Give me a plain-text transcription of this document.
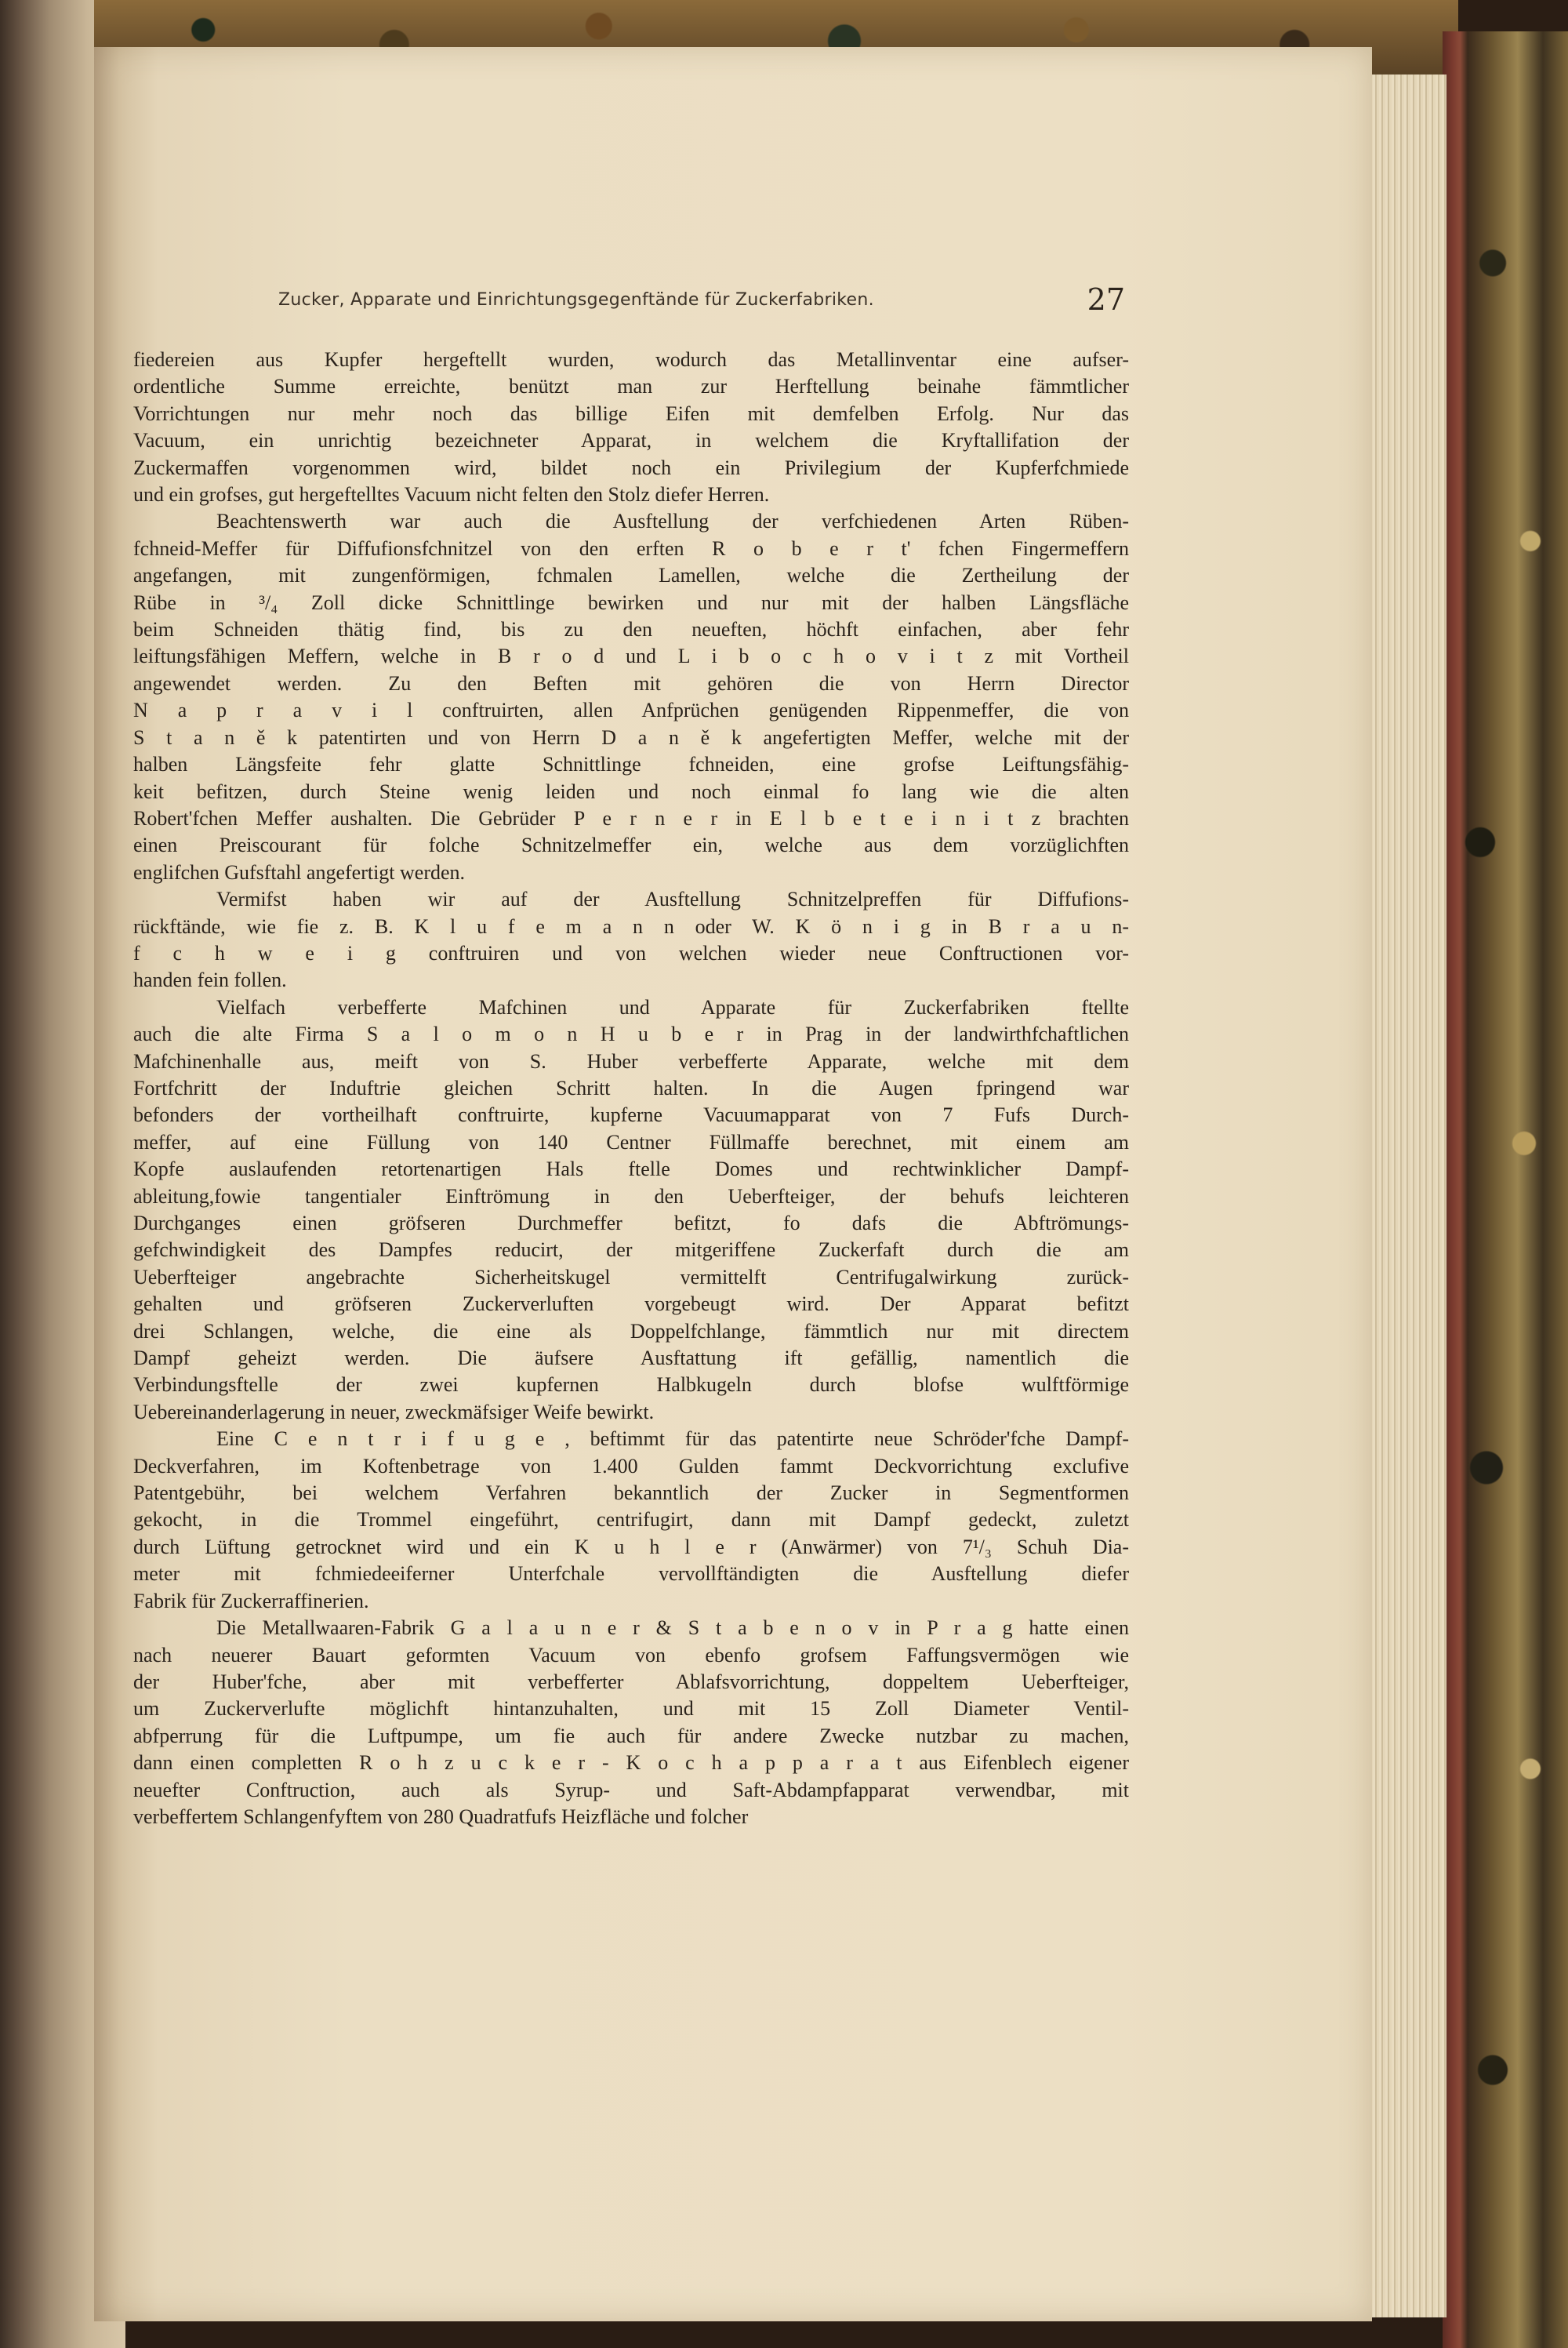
Zucker, Apparate und Einrichtungsgegenftände für Zuckerfabriken.	27
fiedereien aus Kupfer hergeftellt wurden, wodurch das Metallinventar eine aufser-
ordentliche Summe erreichte, benützt man zur Herftellung beinahe fämmtlicher
Vorrichtungen nur mehr noch das billige Eifen mit demfelben Erfolg. Nur das
Vacuum, ein unrichtig bezeichneter Apparat, in welchem die Kryftallifation der
Zuckermaffen vorgenommen wird, bildet noch ein Privilegium der Kupferfchmiede
und ein grofses, gut hergeftelltes Vacuum nicht felten den Stolz diefer Herren.
Beachtenswerth war auch die Ausftellung der verfchiedenen Arten Rüben-
fchneid-Meffer für Diffufionsfchnitzel von den erften R o b e r t' fchen Fingermeffern
angefangen, mit zungenförmigen, fchmalen Lamellen, welche die Zertheilung der
Rübe in ³/₄ Zoll dicke Schnittlinge bewirken und nur mit der halben Längsfläche
beim Schneiden thätig find, bis zu den neueften, höchft einfachen, aber fehr
leiftungsfähigen Meffern, welche in B r o d und L i b o c h o v i t z mit Vortheil
angewendet werden. Zu den Beften mit gehören die von Herrn Director
N a p r a v i l conftruirten, allen Anfprüchen genügenden Rippenmeffer, die von
S t a n ě k patentirten und von Herrn D a n ě k angefertigten Meffer, welche mit der
halben Längsfeite fehr glatte Schnittlinge fchneiden, eine grofse Leiftungsfähig-
keit befitzen, durch Steine wenig leiden und noch einmal fo lang wie die alten
Robert'fchen Meffer aushalten. Die Gebrüder P e r n e r in E l b e t e i n i t z brachten
einen Preiscourant für folche Schnitzelmeffer ein, welche aus dem vorzüglichften
englifchen Gufsftahl angefertigt werden.
Vermifst haben wir auf der Ausftellung Schnitzelpreffen für Diffufions-
rückftände, wie fie z. B. K l u f e m a n n oder W. K ö n i g in B r a u n-
f c h w e i g conftruiren und von welchen wieder neue Conftructionen vor-
handen fein follen.
Vielfach verbefferte Mafchinen und Apparate für Zuckerfabriken ftellte
auch die alte Firma S a l o m o n H u b e r in Prag in der landwirthfchaftlichen
Mafchinenhalle aus, meift von S. Huber verbefferte Apparate, welche mit dem
Fortfchritt der Induftrie gleichen Schritt halten. In die Augen fpringend war
befonders der vortheilhaft conftruirte, kupferne Vacuumapparat von 7 Fufs Durch-
meffer, auf eine Füllung von 140 Centner Füllmaffe berechnet, mit einem am
Kopfe auslaufenden retortenartigen Hals ftelle Domes und rechtwinklicher Dampf-
ableitung,fowie tangentialer Einftrömung in den Ueberfteiger, der behufs leichteren
Durchganges einen gröfseren Durchmeffer befitzt, fo dafs die Abftrömungs-
gefchwindigkeit des Dampfes reducirt, der mitgeriffene Zuckerfaft durch die am
Ueberfteiger angebrachte Sicherheitskugel vermittelft Centrifugalwirkung zurück-
gehalten und gröfseren Zuckerverluften vorgebeugt wird. Der Apparat befitzt
drei Schlangen, welche, die eine als Doppelfchlange, fämmtlich nur mit directem
Dampf geheizt werden. Die äufsere Ausftattung ift gefällig, namentlich die
Verbindungsftelle der zwei kupfernen Halbkugeln durch blofse wulftförmige
Uebereinanderlagerung in neuer, zweckmäfsiger Weife bewirkt.
Eine C e n t r i f u g e , beftimmt für das patentirte neue Schröder'fche Dampf-
Deckverfahren, im Koftenbetrage von 1.400 Gulden fammt Deckvorrichtung exclufive
Patentgebühr, bei welchem Verfahren bekanntlich der Zucker in Segmentformen
gekocht, in die Trommel eingeführt, centrifugirt, dann mit Dampf gedeckt, zuletzt
durch Lüftung getrocknet wird und ein K u h l e r (Anwärmer) von 7¹/₃ Schuh Dia-
meter mit fchmiedeeiferner Unterfchale vervollftändigten die Ausftellung diefer
Fabrik für Zuckerraffinerien.
Die Metallwaaren-Fabrik G a l a u n e r & S t a b e n o v in P r a g hatte einen
nach neuerer Bauart geformten Vacuum von ebenfo grofsem Faffungsvermögen wie
der Huber'fche, aber mit verbefferter Ablafsvorrichtung, doppeltem Ueberfteiger,
um Zuckerverlufte möglichft hintanzuhalten, und mit 15 Zoll Diameter Ventil-
abfperrung für die Luftpumpe, um fie auch für andere Zwecke nutzbar zu machen,
dann einen completten R o h z u c k e r - K o c h a p p a r a t aus Eifenblech eigener
neuefter Conftruction, auch als Syrup- und Saft-Abdampfapparat verwendbar, mit
verbeffertem Schlangenfyftem von 280 Quadratfufs Heizfläche und folcher
